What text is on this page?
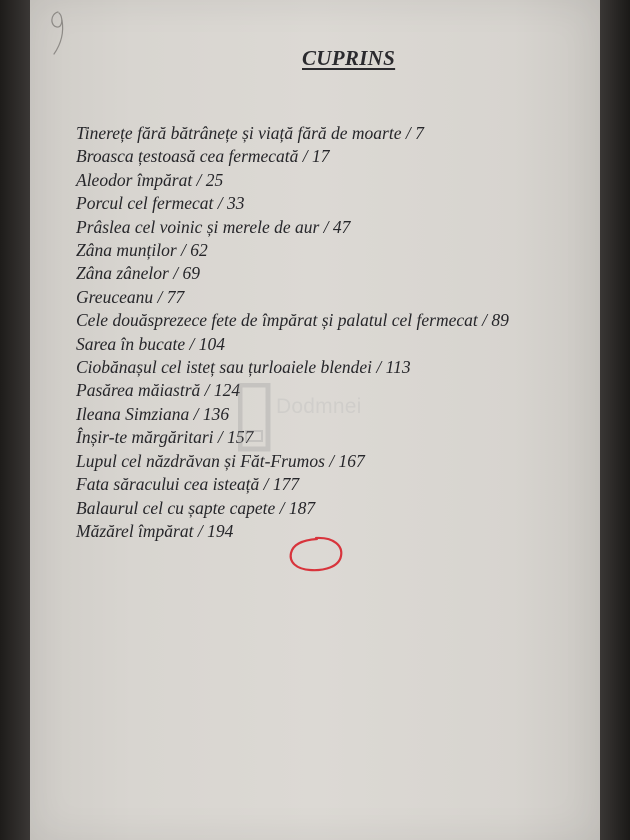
CUPRINS
Tinerețe fără bătrânețe și viață fără de moarte / 7
Broasca țestoasă cea fermecată / 17
Aleodor împărat / 25
Porcul cel fermecat / 33
Prâslea cel voinic și merele de aur / 47
Zâna munților / 62
Zâna zânelor / 69
Greuceanu / 77
Cele douăsprezece fete de împărat și palatul cel fermecat / 89
Sarea în bucate / 104
Ciobănașul cel isteț sau țurloaiele blendei / 113
Pasărea măiastră / 124
Ileana Simziana / 136
Înșir-te mărgăritari / 157
Lupul cel năzdrăvan și Făt-Frumos / 167
Fata săracului cea isteață / 177
Balaurul cel cu șapte capete / 187
Măzărel împărat / 194
Dodmnei
